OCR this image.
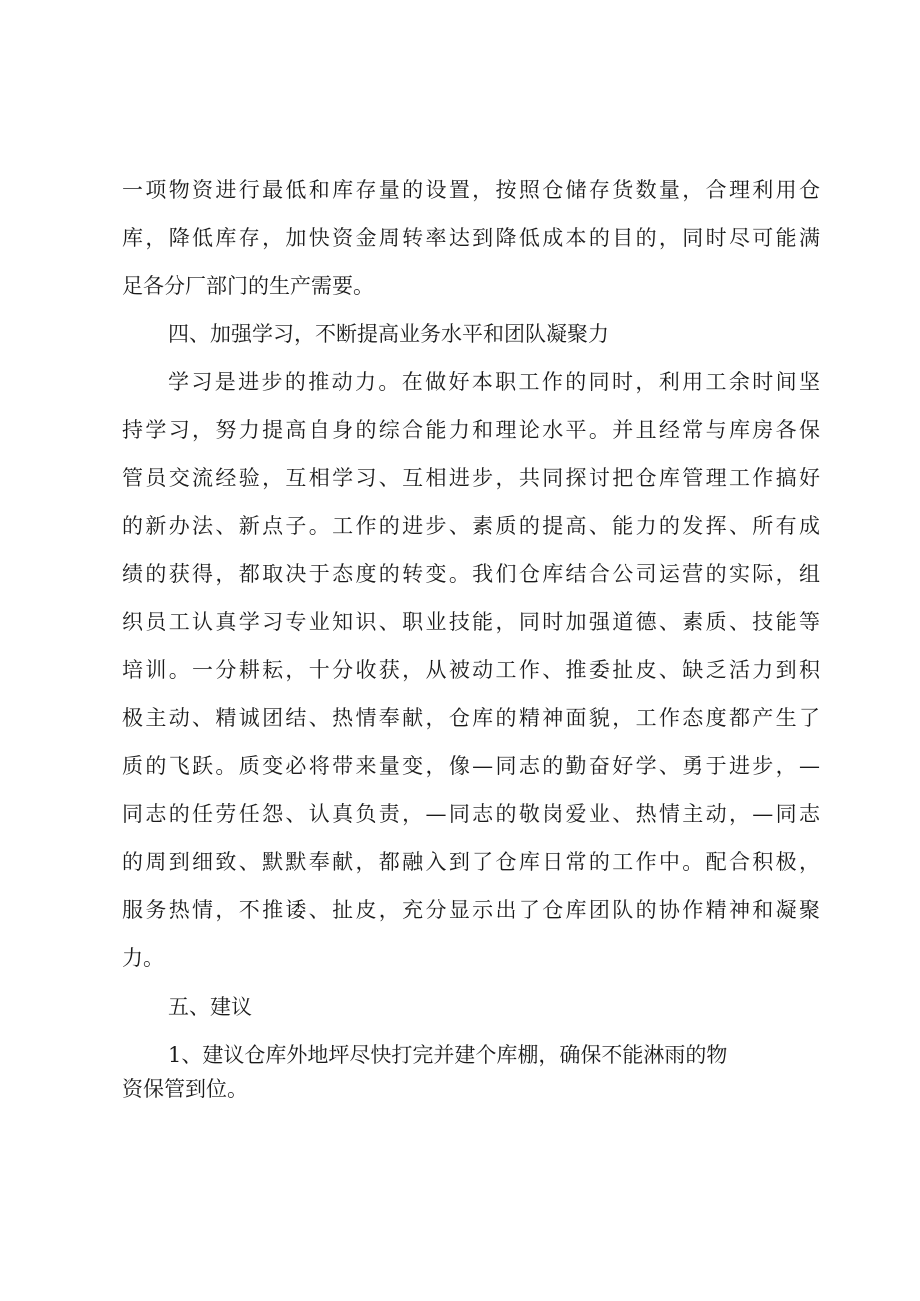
一项物资进行最低和库存量的设置，按照仓储存货数量，合理利用仓
库，降低库存，加快资金周转率达到降低成本的目的，同时尽可能满
足各分厂部门的生产需要。
四、加强学习，不断提高业务水平和团队凝聚力
学习是进步的推动力。在做好本职工作的同时，利用工余时间坚
持学习，努力提高自身的综合能力和理论水平。并且经常与库房各保
管员交流经验，互相学习、互相进步，共同探讨把仓库管理工作搞好
的新办法、新点子。工作的进步、素质的提高、能力的发挥、所有成
绩的获得，都取决于态度的转变。我们仓库结合公司运营的实际，组
织员工认真学习专业知识、职业技能，同时加强道德、素质、技能等
培训。一分耕耘，十分收获，从被动工作、推委扯皮、缺乏活力到积
极主动、精诚团结、热情奉献，仓库的精神面貌，工作态度都产生了
质的飞跃。质变必将带来量变，像—同志的勤奋好学、勇于进步，—
同志的任劳任怨、认真负责，—同志的敬岗爱业、热情主动，—同志
的周到细致、默默奉献，都融入到了仓库日常的工作中。配合积极，
服务热情，不推诿、扯皮，充分显示出了仓库团队的协作精神和凝聚
力。
五、建议
1、建议仓库外地坪尽快打完并建个库棚，确保不能淋雨的物
资保管到位。
